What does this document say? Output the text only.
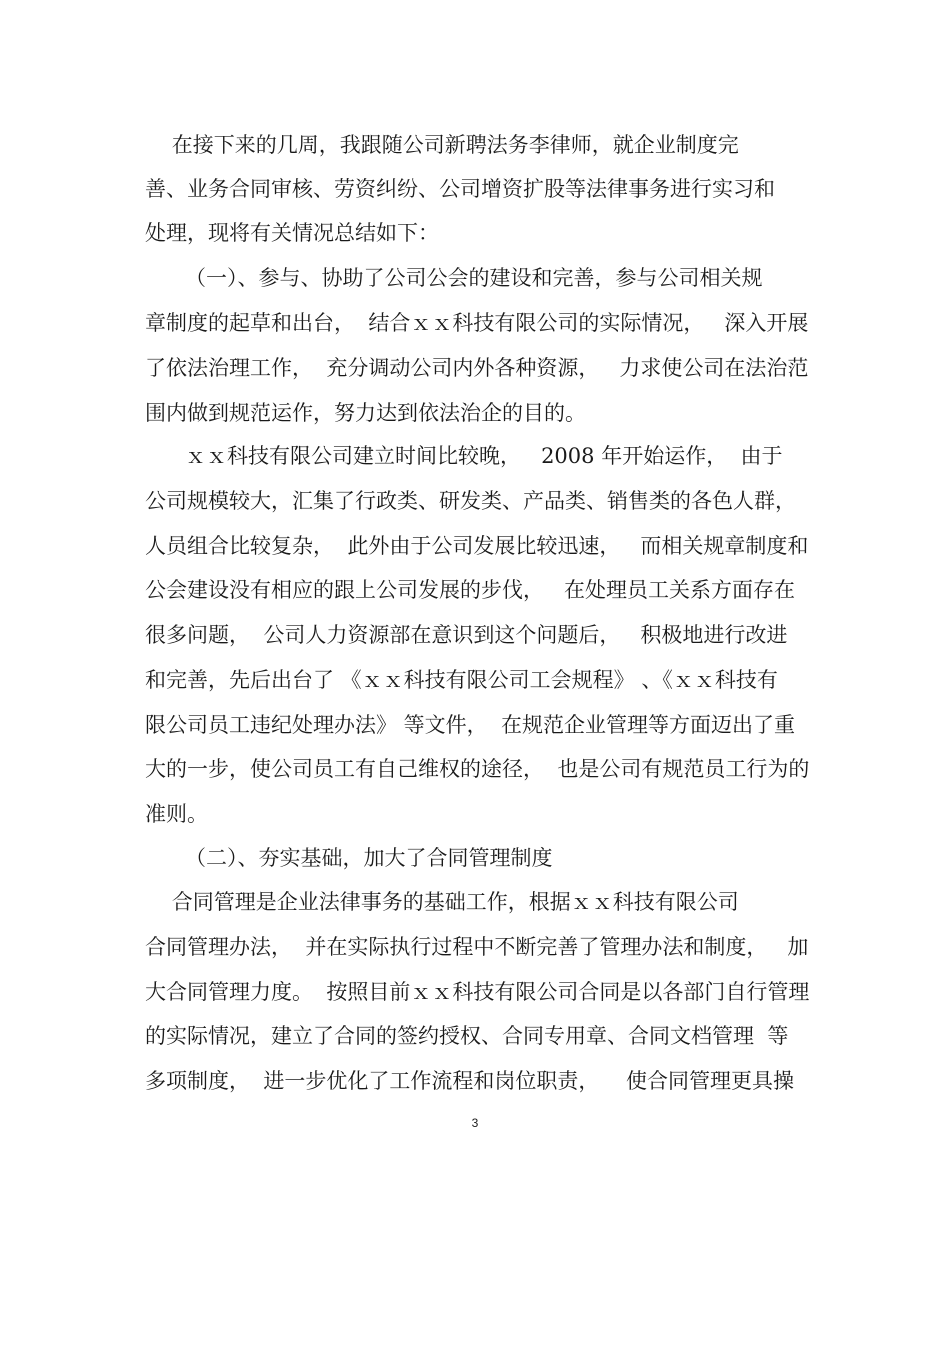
在接下来的几周，我跟随公司新聘法务李律师，就企业制度完
善、业务合同审核、劳资纠纷、公司增资扩股等法律事务进行实习和
处理，现将有关情况总结如下：
（一）、参与、协助了公司公会的建设和完善，参与公司相关规
章制度的起草和出台，  结合ｘｘ科技有限公司的实际情况，   深入开展
了依法治理工作，  充分调动公司内外各种资源，   力求使公司在法治范
围内做到规范运作，努力达到依法治企的目的。
ｘｘ科技有限公司建立时间比较晚，   2008 年开始运作，  由于
公司规模较大，汇集了行政类、研发类、产品类、销售类的各色人群，
人员组合比较复杂，  此外由于公司发展比较迅速，   而相关规章制度和
公会建设没有相应的跟上公司发展的步伐，   在处理员工关系方面存在
很多问题，  公司人力资源部在意识到这个问题后，   积极地进行改进
和完善，先后出台了 《ｘｘ科技有限公司工会规程》 、《ｘｘ科技有
限公司员工违纪处理办法》 等文件，  在规范企业管理等方面迈出了重
大的一步，使公司员工有自己维权的途径，  也是公司有规范员工行为的
准则。
（二）、夯实基础，加大了合同管理制度
合同管理是企业法律事务的基础工作，根据ｘｘ科技有限公司
合同管理办法，  并在实际执行过程中不断完善了管理办法和制度，   加
大合同管理力度。  按照目前ｘｘ科技有限公司合同是以各部门自行管理
的实际情况，建立了合同的签约授权、合同专用章、合同文档管理  等
多项制度，  进一步优化了工作流程和岗位职责，    使合同管理更具操
3
